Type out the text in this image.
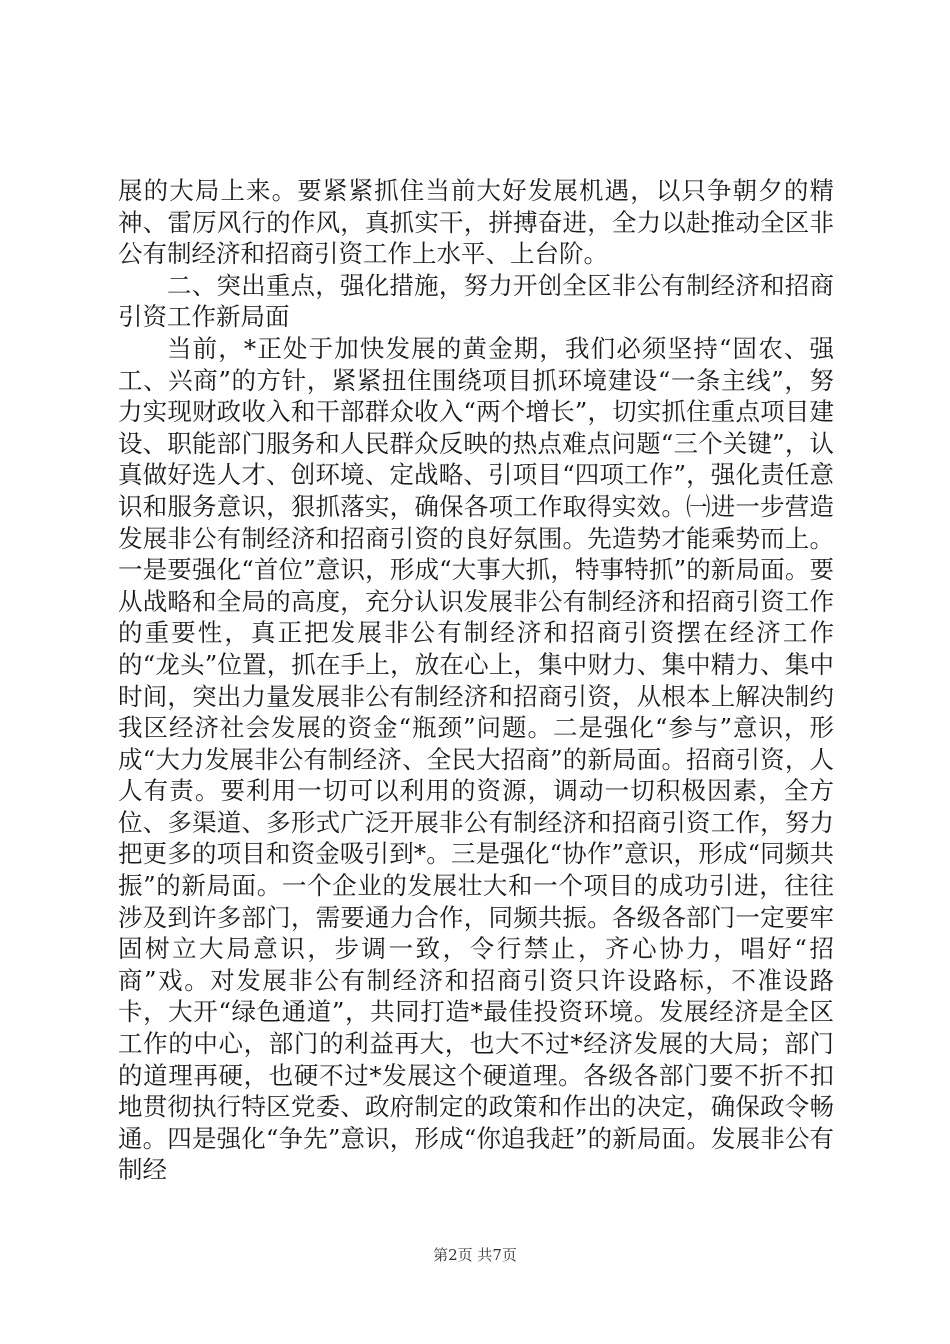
展的大局上来。要紧紧抓住当前大好发展机遇，以只争朝夕的精神、雷厉风行的作风，真抓实干，拼搏奋进，全力以赴推动全区非公有制经济和招商引资工作上水平、上台阶。

二、突出重点，强化措施，努力开创全区非公有制经济和招商引资工作新局面

当前，*正处于加快发展的黄金期，我们必须坚持“固农、强工、兴商”的方针，紧紧扭住围绕项目抓环境建设“一条主线”，努力实现财政收入和干部群众收入“两个增长”，切实抓住重点项目建设、职能部门服务和人民群众反映的热点难点问题“三个关键”，认真做好选人才、创环境、定战略、引项目“四项工作”，强化责任意识和服务意识，狠抓落实，确保各项工作取得实效。㈠进一步营造发展非公有制经济和招商引资的良好氛围。先造势才能乘势而上。一是要强化“首位”意识，形成“大事大抓，特事特抓”的新局面。要从战略和全局的高度，充分认识发展非公有制经济和招商引资工作的重要性，真正把发展非公有制经济和招商引资摆在经济工作的“龙头”位置，抓在手上，放在心上，集中财力、集中精力、集中时间，突出力量发展非公有制经济和招商引资，从根本上解决制约我区经济社会发展的资金“瓶颈”问题。二是强化“参与”意识，形成“大力发展非公有制经济、全民大招商”的新局面。招商引资，人人有责。要利用一切可以利用的资源，调动一切积极因素，全方位、多渠道、多形式广泛开展非公有制经济和招商引资工作，努力把更多的项目和资金吸引到*。三是强化“协作”意识，形成“同频共振”的新局面。一个企业的发展壮大和一个项目的成功引进，往往涉及到许多部门，需要通力合作，同频共振。各级各部门一定要牢固树立大局意识，步调一致，令行禁止，齐心协力，唱好“招商”戏。对发展非公有制经济和招商引资只许设路标，不准设路卡，大开“绿色通道”，共同打造*最佳投资环境。发展经济是全区工作的中心，部门的利益再大，也大不过*经济发展的大局；部门的道理再硬，也硬不过*发展这个硬道理。各级各部门要不折不扣地贯彻执行特区党委、政府制定的政策和作出的决定，确保政令畅通。四是强化“争先”意识，形成“你追我赶”的新局面。发展非公有制经

第2页 共7页
